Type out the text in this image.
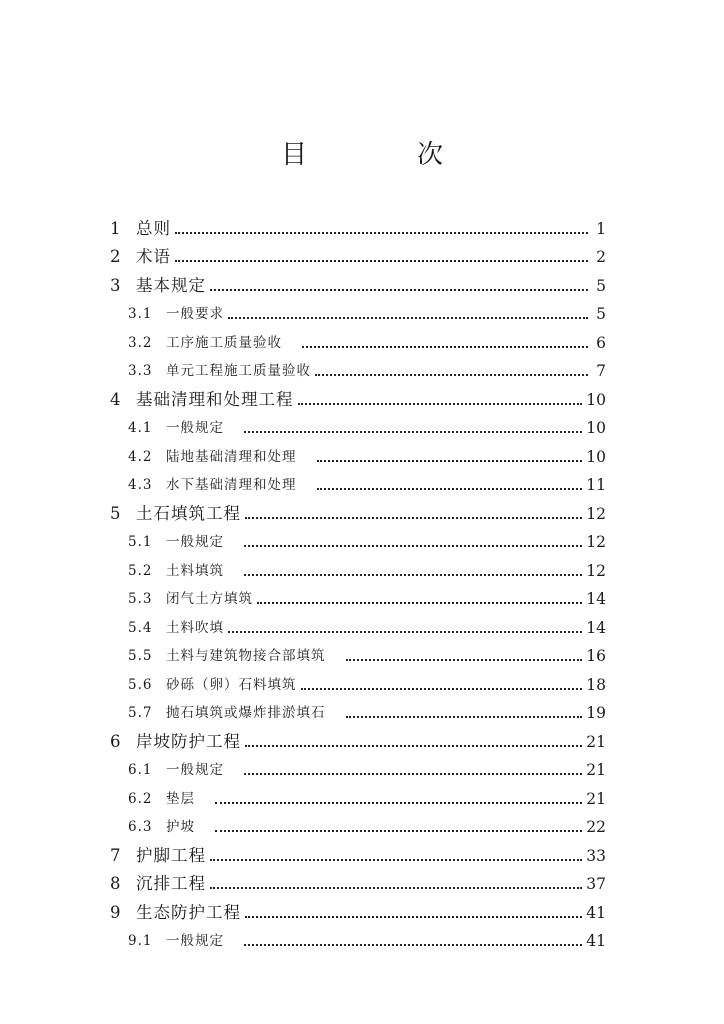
目　次
1 总则	1
2 术语	2
3 基本规定	5
3.1	一般要求	5
3.2	工序施工质量验收	6
3.3	单元工程施工质量验收	7
4 基础清理和处理工程	10
4.1	一般规定	10
4.2	陆地基础清理和处理	10
4.3	水下基础清理和处理	11
5 土石填筑工程	12
5.1	一般规定	12
5.2	土料填筑	12
5.3	闭气土方填筑	14
5.4	土料吹填	14
5.5	土料与建筑物接合部填筑	16
5.6	砂砾（卵）石料填筑	18
5.7	抛石填筑或爆炸排淤填石	19
6 岸坡防护工程	21
6.1	一般规定	21
6.2	垫层	21
6.3	护坡	22
7 护脚工程	33
8 沉排工程	37
9 生态防护工程	41
9.1	一般规定	41
